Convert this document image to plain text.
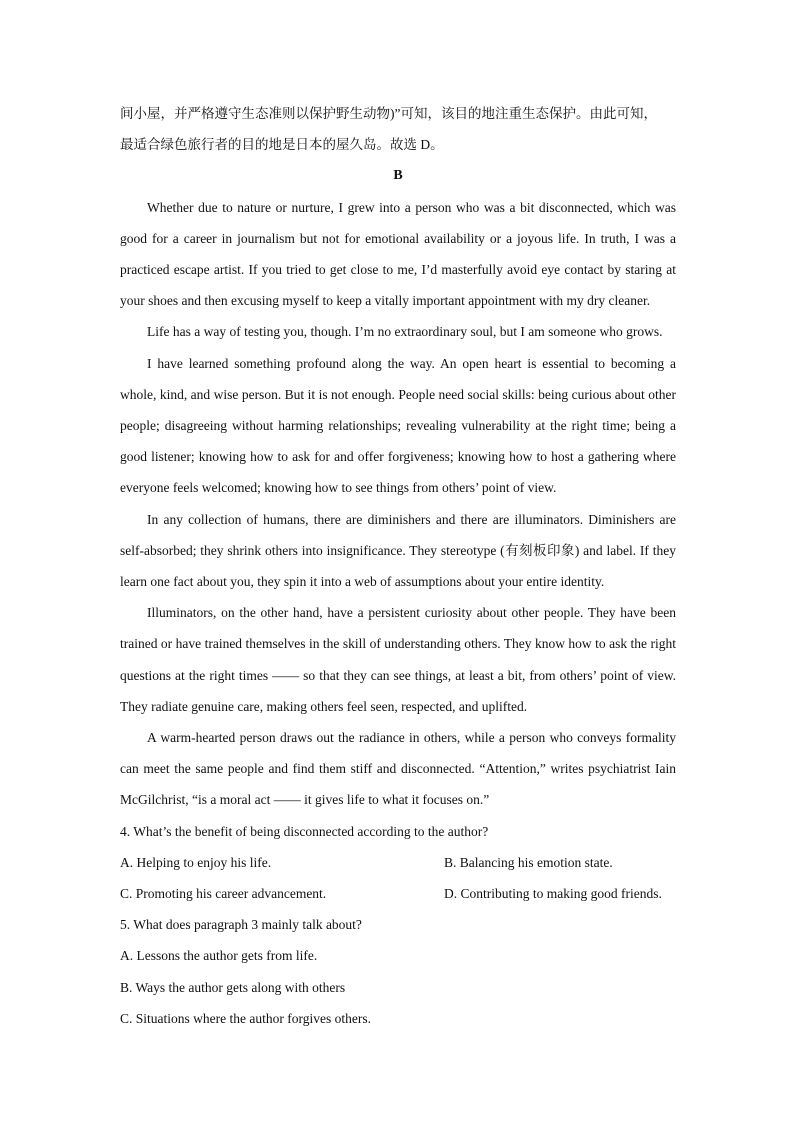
间小屋，并严格遵守生态准则以保护野生动物)”可知，该目的地注重生态保护。由此可知，

最适合绿色旅行者的目的地是日本的屋久岛。故选 D。

B

Whether due to nature or nurture, I grew into a person who was a bit disconnected, which was good for a career in journalism but not for emotional availability or a joyous life. In truth, I was a practiced escape artist. If you tried to get close to me, I’d masterfully avoid eye contact by staring at your shoes and then excusing myself to keep a vitally important appointment with my dry cleaner.

Life has a way of testing you, though. I’m no extraordinary soul, but I am someone who grows.

I have learned something profound along the way. An open heart is essential to becoming a whole, kind, and wise person. But it is not enough. People need social skills: being curious about other people; disagreeing without harming relationships; revealing vulnerability at the right time; being a good listener; knowing how to ask for and offer forgiveness; knowing how to host a gathering where everyone feels welcomed; knowing how to see things from others’ point of view.

In any collection of humans, there are diminishers and there are illuminators. Diminishers are self-absorbed; they shrink others into insignificance. They stereotype (有刻板印象) and label. If they learn one fact about you, they spin it into a web of assumptions about your entire identity.

Illuminators, on the other hand, have a persistent curiosity about other people. They have been trained or have trained themselves in the skill of understanding others. They know how to ask the right questions at the right times —— so that they can see things, at least a bit, from others’ point of view. They radiate genuine care, making others feel seen, respected, and uplifted.

A warm-hearted person draws out the radiance in others, while a person who conveys formality can meet the same people and find them stiff and disconnected. “Attention,” writes psychiatrist Iain McGilchrist, “is a moral act —— it gives life to what it focuses on.”

4. What’s the benefit of being disconnected according to the author?

A. Helping to enjoy his life.	B. Balancing his emotion state.
C. Promoting his career advancement.	D. Contributing to making good friends.

5. What does paragraph 3 mainly talk about?

A. Lessons the author gets from life.

B. Ways the author gets along with others

C. Situations where the author forgives others.
